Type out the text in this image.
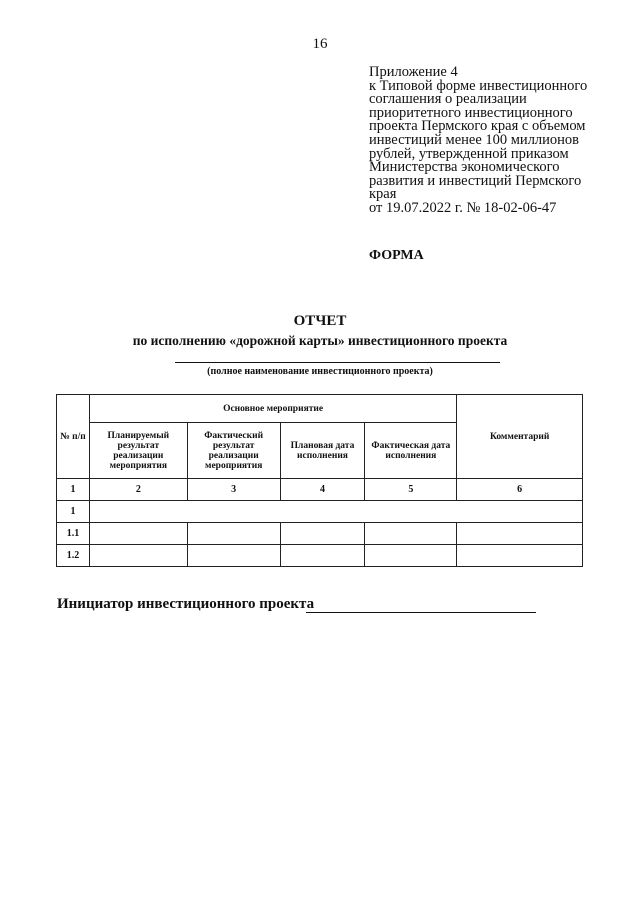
16
Приложение 4
к Типовой форме инвестиционного
соглашения о реализации
приоритетного инвестиционного
проекта Пермского края с объемом
инвестиций менее 100 миллионов
рублей, утвержденной приказом
Министерства экономического
развития и инвестиций Пермского
края
от 19.07.2022 г. № 18-02-06-47
ФОРМА
ОТЧЕТ
по исполнению «дорожной карты» инвестиционного проекта
(полное наименование инвестиционного проекта)
№ п/п	Основное мероприятие				Комментарий
	Планируемый результат реализации мероприятия	Фактический результат реализации мероприятия	Плановая дата исполнения	Фактическая дата исполнения	
1	2	3	4	5	6
1					
1.1					
1.2					
Инициатор инвестиционного проекта
